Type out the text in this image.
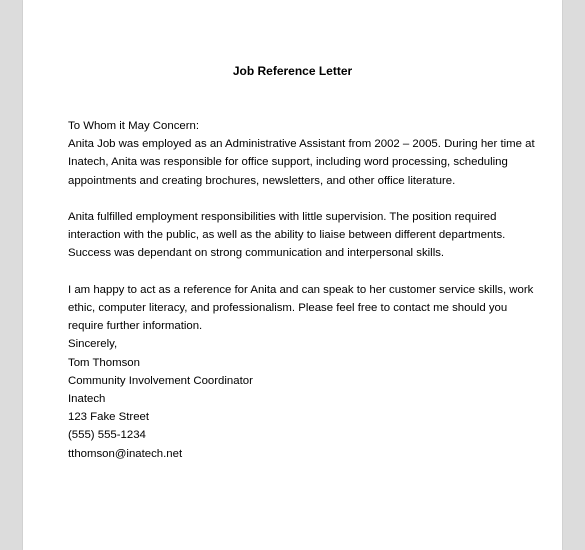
Job Reference Letter

To Whom it May Concern:

Anita Job was employed as an Administrative Assistant from 2002 – 2005. During her time at Inatech, Anita was responsible for office support, including word processing, scheduling appointments and creating brochures, newsletters, and other office literature.

Anita fulfilled employment responsibilities with little supervision. The position required interaction with the public, as well as the ability to liaise between different departments. Success was dependant on strong communication and interpersonal skills.

I am happy to act as a reference for Anita and can speak to her customer service skills, work ethic, computer literacy, and professionalism. Please feel free to contact me should you require further information.

Sincerely,

Tom Thomson
Community Involvement Coordinator
Inatech
123 Fake Street
(555) 555-1234
tthomson@inatech.net
